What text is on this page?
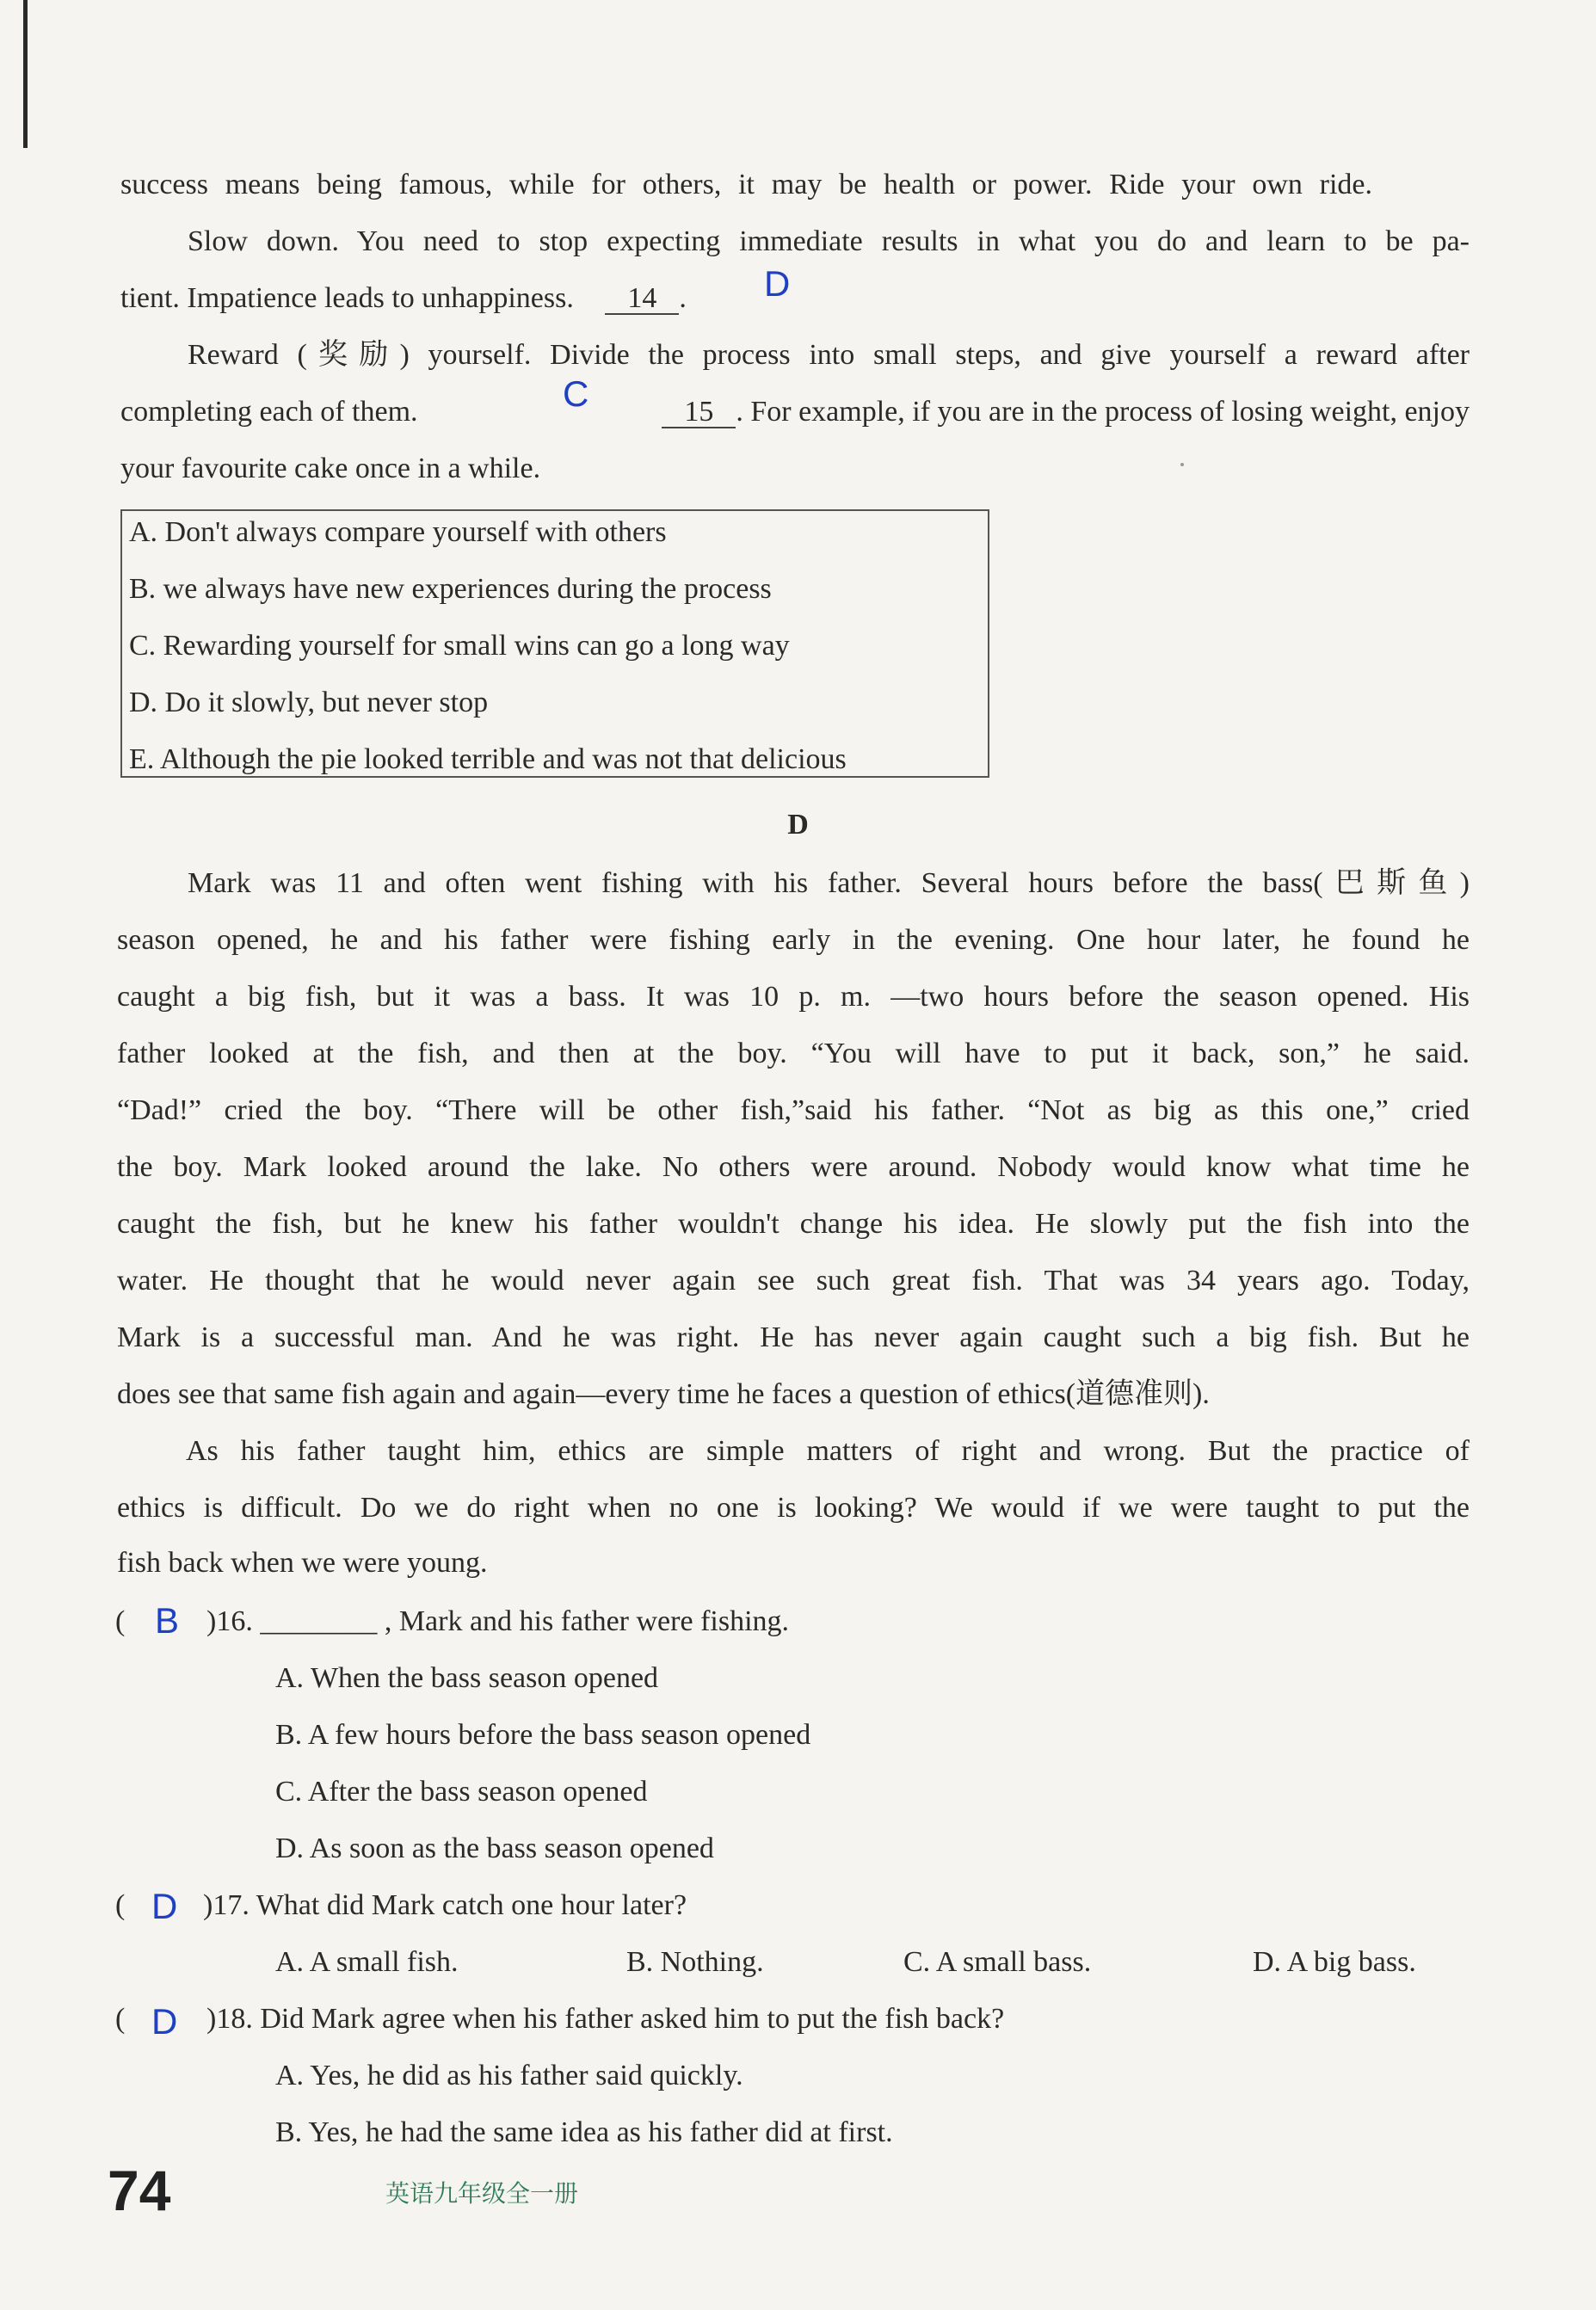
success means being famous, while for others, it may be health or power. Ride your own ride.
Slow down. You need to stop expecting immediate results in what you do and learn to be pa-
tient. Impatience leads to unhappiness. 14 . D
Reward (奖励) yourself. Divide the process into small steps, and give yourself a reward after
completing each of them.	15 . For example, if you are in the process of losing weight, enjoy
C
your favourite cake once in a while.
A. Don't always compare yourself with others
B. we always have new experiences during the process
C. Rewarding yourself for small wins can go a long way
D. Do it slowly, but never stop
E. Although the pie looked terrible and was not that delicious
D
Mark was 11 and often went fishing with his father. Several hours before the bass(巴斯鱼)
season opened, he and his father were fishing early in the evening. One hour later, he found he
caught a big fish, but it was a bass. It was 10 p. m. —two hours before the season opened. His
father looked at the fish, and then at the boy. “You will have to put it back, son,” he said.
“Dad!” cried the boy. “There will be other fish,”said his father. “Not as big as this one,” cried
the boy. Mark looked around the lake. No others were around. Nobody would know what time he
caught the fish, but he knew his father wouldn't change his idea. He slowly put the fish into the
water. He thought that he would never again see such great fish. That was 34 years ago. Today,
Mark is a successful man. And he was right. He has never again caught such a big fish. But he
does see that same fish again and again—every time he faces a question of ethics(道德准则).
As his father taught him, ethics are simple matters of right and wrong. But the practice of
ethics is difficult. Do we do right when no one is looking? We would if we were taught to put the
fish back when we were young.
( B )16. ________ , Mark and his father were fishing.
A. When the bass season opened
B. A few hours before the bass season opened
C. After the bass season opened
D. As soon as the bass season opened
( D )17. What did Mark catch one hour later?
A. A small fish.	B. Nothing.	C. A small bass.	D. A big bass.
( D )18. Did Mark agree when his father asked him to put the fish back?
A. Yes, he did as his father said quickly.
B. Yes, he had the same idea as his father did at first.
74	英语九年级全一册
